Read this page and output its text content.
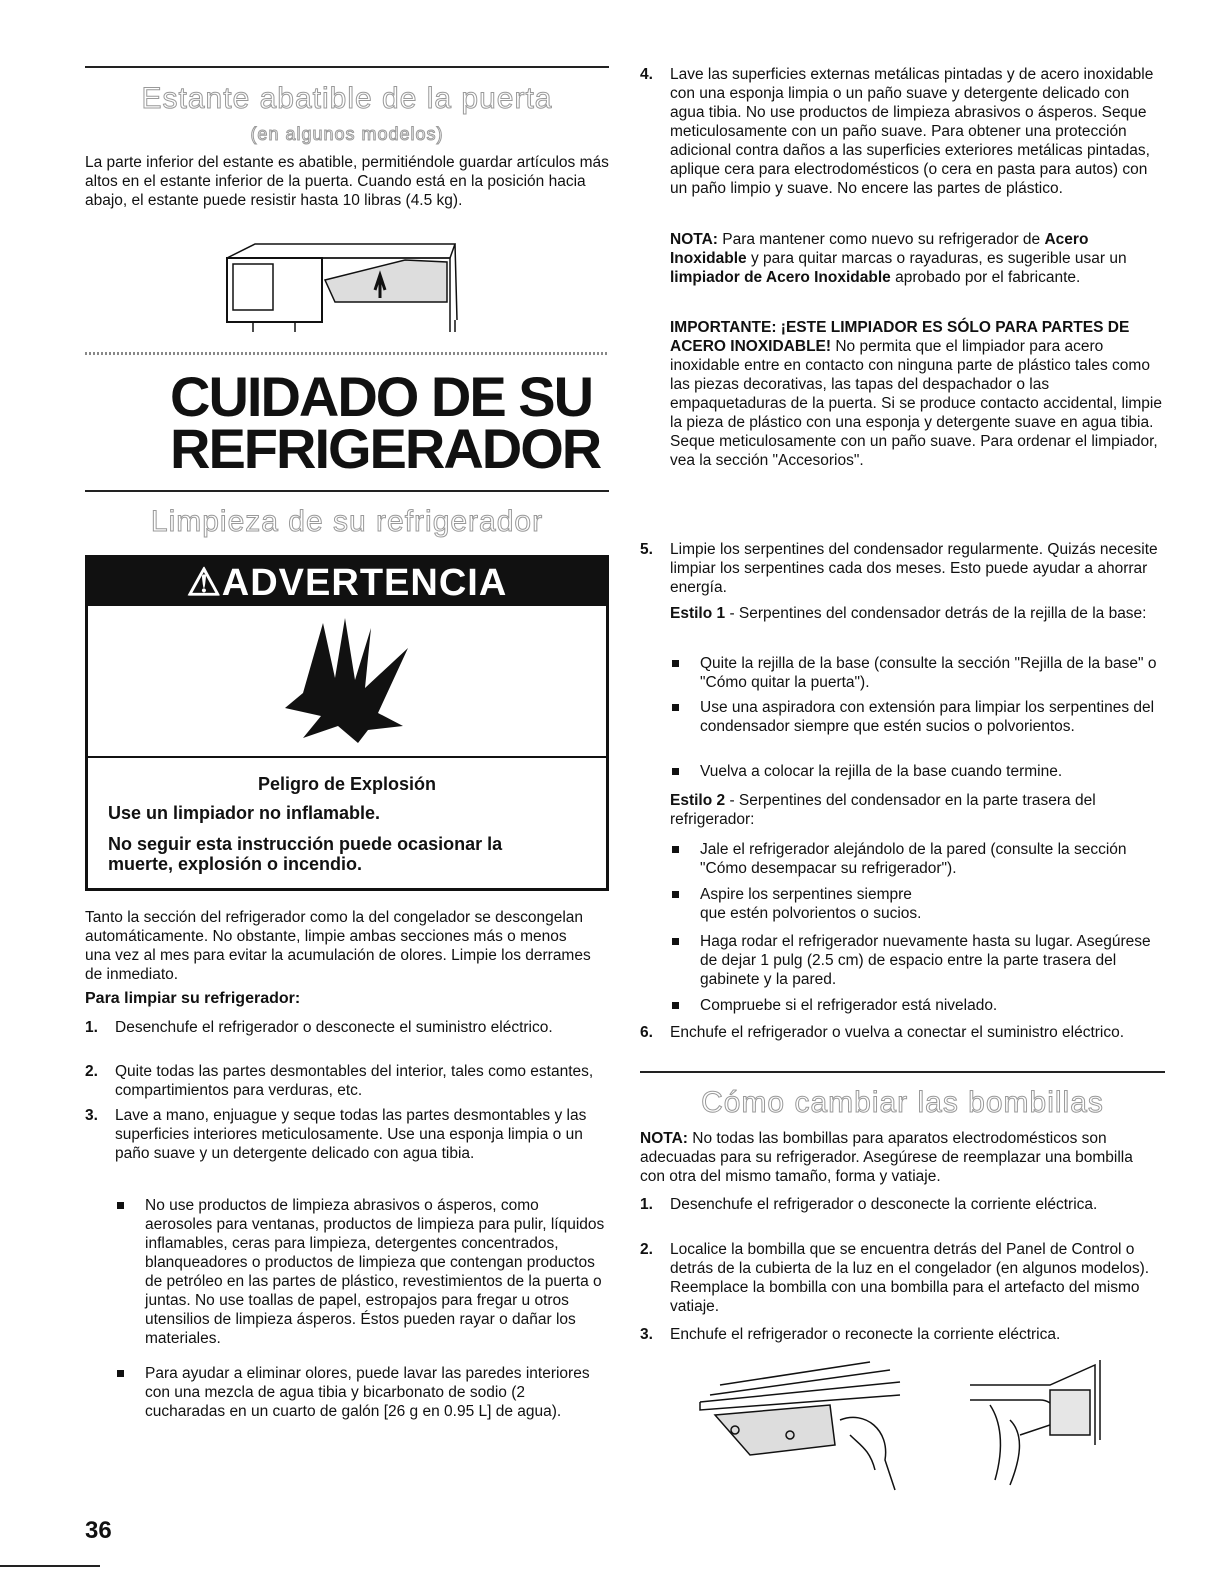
Estante abatible de la puerta
(en algunos modelos)

La parte inferior del estante es abatible, permitiéndole guardar artículos más altos en el estante inferior de la puerta. Cuando está en la posición hacia abajo, el estante puede resistir hasta 10 libras (4.5 kg).

CUIDADO DE SU
REFRIGERADOR
Limpieza de su refrigerador
⚠ADVERTENCIA
Peligro de Explosión
Use un limpiador no inflamable.
No seguir esta instrucción puede ocasionar la muerte, explosión o incendio.

Tanto la sección del refrigerador como la del congelador se descongelan automáticamente. No obstante, limpie ambas secciones más o menos una vez al mes para evitar la acumulación de olores. Limpie los derrames de inmediato.

Para limpiar su refrigerador:
1. Desenchufe el refrigerador o desconecte el suministro eléctrico.

2. Quite todas las partes desmontables del interior, tales como estantes, compartimientos para verduras, etc.

3. Lave a mano, enjuague y seque todas las partes desmontables y las superficies interiores meticulosamente. Use una esponja limpia o un paño suave y un detergente delicado con agua tibia.

No use productos de limpieza abrasivos o ásperos, como aerosoles para ventanas, productos de limpieza para pulir, líquidos inflamables, ceras para limpieza, detergentes concentrados, blanqueadores o productos de limpieza que contengan productos de petróleo en las partes de plástico, revestimientos de la puerta o juntas. No use toallas de papel, estropajos para fregar u otros utensilios de limpieza ásperos. Éstos pueden rayar o dañar los materiales.

Para ayudar a eliminar olores, puede lavar las paredes interiores con una mezcla de agua tibia y bicarbonato de sodio (2 cucharadas en un cuarto de galón [26 g en 0.95 L] de agua).

36
4. Lave las superficies externas metálicas pintadas y de acero inoxidable con una esponja limpia o un paño suave y detergente delicado con agua tibia. No use productos de limpieza abrasivos o ásperos. Seque meticulosamente con un paño suave. Para obtener una protección adicional contra daños a las superficies exteriores metálicas pintadas, aplique cera para electrodomésticos (o cera en pasta para autos) con un paño limpio y suave. No encere las partes de plástico.

NOTA: Para mantener como nuevo su refrigerador de Acero Inoxidable y para quitar marcas o rayaduras, es sugerible usar un limpiador de Acero Inoxidable aprobado por el fabricante.

IMPORTANTE: ¡ESTE LIMPIADOR ES SÓLO PARA PARTES DE ACERO INOXIDABLE! No permita que el limpiador para acero inoxidable entre en contacto con ninguna parte de plástico tales como las piezas decorativas, las tapas del despachador o las empaquetaduras de la puerta. Si se produce contacto accidental, limpie la pieza de plástico con una esponja y detergente suave en agua tibia. Seque meticulosamente con un paño suave. Para ordenar el limpiador, vea la sección "Accesorios".

5. Limpie los serpentines del condensador regularmente. Quizás necesite limpiar los serpentines cada dos meses. Esto puede ayudar a ahorrar energía.

Estilo 1 - Serpentines del condensador detrás de la rejilla de la base:

Quite la rejilla de la base (consulte la sección "Rejilla de la base" o "Cómo quitar la puerta").

Use una aspiradora con extensión para limpiar los serpentines del condensador siempre que estén sucios o polvorientos.

Vuelva a colocar la rejilla de la base cuando termine.

Estilo 2 - Serpentines del condensador en la parte trasera del refrigerador:

Jale el refrigerador alejándolo de la pared (consulte la sección "Cómo desempacar su refrigerador").

Aspire los serpentines siempre que estén polvorientos o sucios.

Haga rodar el refrigerador nuevamente hasta su lugar. Asegúrese de dejar 1 pulg (2.5 cm) de espacio entre la parte trasera del gabinete y la pared.

Compruebe si el refrigerador está nivelado.

6. Enchufe el refrigerador o vuelva a conectar el suministro eléctrico.

Cómo cambiar las bombillas

NOTA: No todas las bombillas para aparatos electrodomésticos son adecuadas para su refrigerador. Asegúrese de reemplazar una bombilla con otra del mismo tamaño, forma y vatiaje.

1. Desenchufe el refrigerador o desconecte la corriente eléctrica.

2. Localice la bombilla que se encuentra detrás del Panel de Control o detrás de la cubierta de la luz en el congelador (en algunos modelos). Reemplace la bombilla con una bombilla para el artefacto del mismo vatiaje.

3. Enchufe el refrigerador o reconecte la corriente eléctrica.
